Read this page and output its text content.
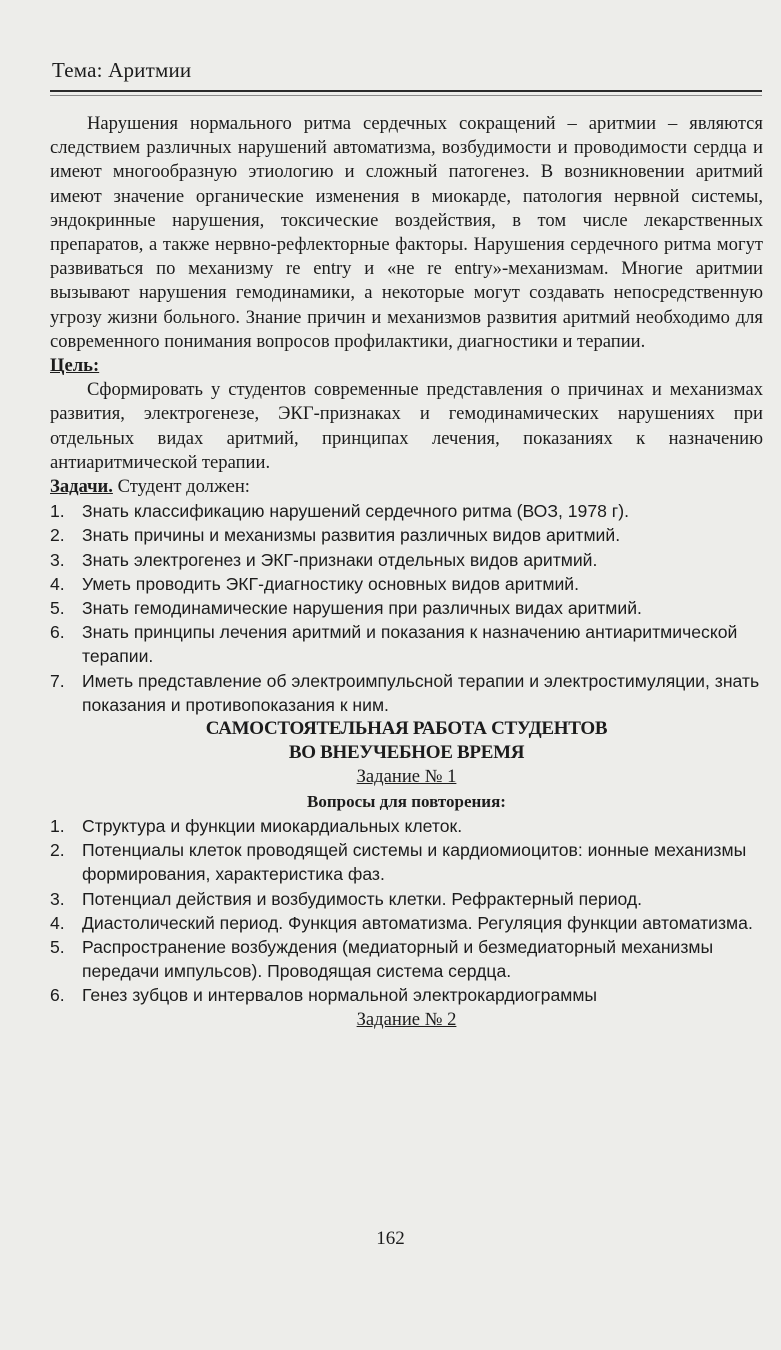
Тема: Аритмии

Нарушения нормального ритма сердечных сокращений – аритмии – являются следствием различных нарушений автоматизма, возбудимости и проводимости сердца и имеют многообразную этиологию и сложный патогенез. В возникновении аритмий имеют значение органические изменения в миокарде, патология нервной системы, эндокринные нарушения, токсические воздействия, в том числе лекарственных препаратов, а также нервно-рефлекторные факторы. Нарушения сердечного ритма могут развиваться по механизму re entry и «не re entry»-механизмам. Многие аритмии вызывают нарушения гемодинамики, а некоторые могут создавать непосредственную угрозу жизни больного. Знание причин и механизмов развития аритмий необходимо для современного понимания вопросов профилактики, диагностики и терапии.

Цель:

Сформировать у студентов современные представления о причинах и механизмах развития, электрогенезе, ЭКГ-признаках и гемодинамических нарушениях при отдельных видах аритмий, принципах лечения, показаниях к назначению антиаритмической терапии.

Задачи. Студент должен:

1. Знать классификацию нарушений сердечного ритма (ВОЗ, 1978 г).
2. Знать причины и механизмы развития различных видов аритмий.
3. Знать электрогенез и ЭКГ-признаки отдельных видов аритмий.
4. Уметь проводить ЭКГ-диагностику основных видов аритмий.
5. Знать гемодинамические нарушения при различных видах аритмий.
6. Знать принципы лечения аритмий и показания к назначению антиаритмической терапии.
7. Иметь представление об электроимпульсной терапии и электростимуляции, знать показания и противопоказания к ним.

САМОСТОЯТЕЛЬНАЯ РАБОТА СТУДЕНТОВ

ВО ВНЕУЧЕБНОЕ ВРЕМЯ

Задание № 1

Вопросы для повторения:

1. Структура и функции миокардиальных клеток.
2. Потенциалы клеток проводящей системы и кардиомиоцитов: ионные механизмы формирования, характеристика фаз.
3. Потенциал действия и возбудимость клетки. Рефрактерный период.
4. Диастолический период. Функция автоматизма. Регуляция функции автоматизма.
5. Распространение возбуждения (медиаторный и безмедиаторный механизмы передачи импульсов). Проводящая система сердца.
6. Генез зубцов и интервалов нормальной электрокардиограммы

Задание № 2

162
